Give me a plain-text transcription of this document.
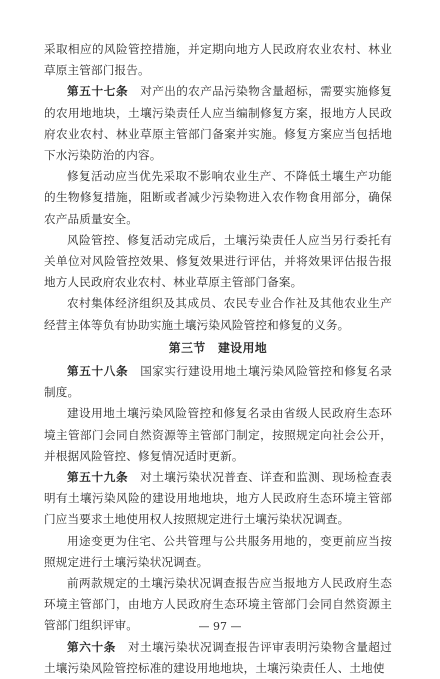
采取相应的风险管控措施，并定期向地方人民政府农业农村、林业草原主管部门报告。

第五十七条　对产出的农产品污染物含量超标，需要实施修复的农用地地块，土壤污染责任人应当编制修复方案，报地方人民政府农业农村、林业草原主管部门备案并实施。修复方案应当包括地下水污染防治的内容。

修复活动应当优先采取不影响农业生产、不降低土壤生产功能的生物修复措施，阻断或者减少污染物进入农作物食用部分，确保农产品质量安全。

风险管控、修复活动完成后，土壤污染责任人应当另行委托有关单位对风险管控效果、修复效果进行评估，并将效果评估报告报地方人民政府农业农村、林业草原主管部门备案。

农村集体经济组织及其成员、农民专业合作社及其他农业生产经营主体等负有协助实施土壤污染风险管控和修复的义务。

第三节　建设用地

第五十八条　国家实行建设用地土壤污染风险管控和修复名录制度。

建设用地土壤污染风险管控和修复名录由省级人民政府生态环境主管部门会同自然资源等主管部门制定，按照规定向社会公开，并根据风险管控、修复情况适时更新。

第五十九条　对土壤污染状况普查、详查和监测、现场检查表明有土壤污染风险的建设用地地块，地方人民政府生态环境主管部门应当要求土地使用权人按照规定进行土壤污染状况调查。

用途变更为住宅、公共管理与公共服务用地的，变更前应当按照规定进行土壤污染状况调查。

前两款规定的土壤污染状况调查报告应当报地方人民政府生态环境主管部门，由地方人民政府生态环境主管部门会同自然资源主管部门组织评审。

第六十条　对土壤污染状况调查报告评审表明污染物含量超过土壤污染风险管控标准的建设用地地块，土壤污染责任人、土地使

— 97 —
